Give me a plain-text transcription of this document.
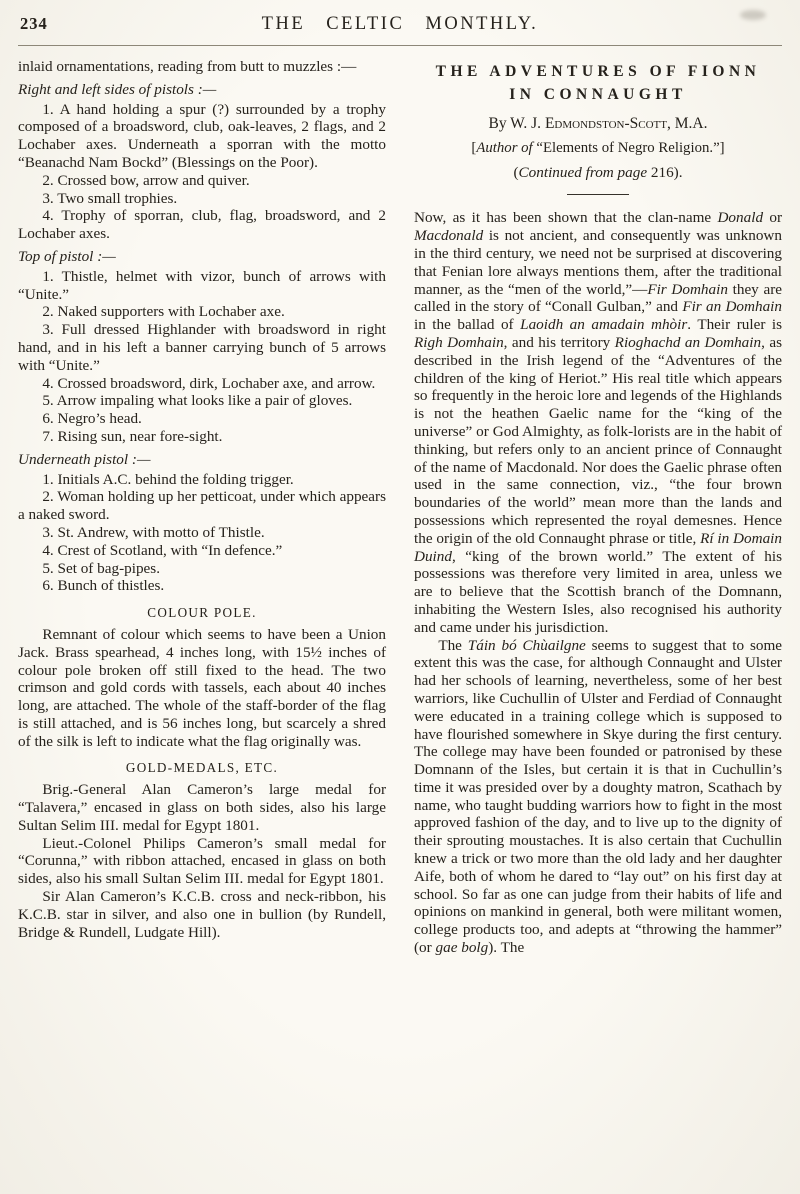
234	THE CELTIC MONTHLY.

inlaid ornamentations, reading from butt to muzzles :—

Right and left sides of pistols :—

1. A hand holding a spur (?) surrounded by a trophy composed of a broadsword, club, oak-leaves, 2 flags, and 2 Lochaber axes. Underneath a sporran with the motto “Beanachd Nam Bockd” (Blessings on the Poor).

2. Crossed bow, arrow and quiver.

3. Two small trophies.

4. Trophy of sporran, club, flag, broadsword, and 2 Lochaber axes.

Top of pistol :—

1. Thistle, helmet with vizor, bunch of arrows with “Unite.”

2. Naked supporters with Lochaber axe.

3. Full dressed Highlander with broadsword in right hand, and in his left a banner carrying bunch of 5 arrows with “Unite.”

4. Crossed broadsword, dirk, Lochaber axe, and arrow.

5. Arrow impaling what looks like a pair of gloves.

6. Negro’s head.

7. Rising sun, near fore-sight.

Underneath pistol :—

1. Initials A.C. behind the folding trigger.

2. Woman holding up her petticoat, under which appears a naked sword.

3. St. Andrew, with motto of Thistle.

4. Crest of Scotland, with “In defence.”

5. Set of bag-pipes.

6. Bunch of thistles.

COLOUR POLE.

Remnant of colour which seems to have been a Union Jack. Brass spearhead, 4 inches long, with 15½ inches of colour pole broken off still fixed to the head. The two crimson and gold cords with tassels, each about 40 inches long, are attached. The whole of the staff-border of the flag is still attached, and is 56 inches long, but scarcely a shred of the silk is left to indicate what the flag originally was.

GOLD-MEDALS, ETC.

Brig.-General Alan Cameron’s large medal for “Talavera,” encased in glass on both sides, also his large Sultan Selim III. medal for Egypt 1801.

Lieut.-Colonel Philips Cameron’s small medal for “Corunna,” with ribbon attached, encased in glass on both sides, also his small Sultan Selim III. medal for Egypt 1801.

Sir Alan Cameron’s K.C.B. cross and neck-ribbon, his K.C.B. star in silver, and also one in bullion (by Rundell, Bridge & Rundell, Ludgate Hill).

THE ADVENTURES OF FIONN
IN CONNAUGHT

By W. J. Edmondston-Scott, M.A.

[Author of “Elements of Negro Religion.”]

(Continued from page 216).

Now, as it has been shown that the clan-name Donald or Macdonald is not ancient, and consequently was unknown in the third century, we need not be surprised at discovering that Fenian lore always mentions them, after the traditional manner, as the “men of the world,”—Fir Domhain they are called in the story of “Conall Gulban,” and Fir an Domhain in the ballad of Laoidh an amadain mhòir. Their ruler is Righ Domhain, and his territory Rioghachd an Domhain, as described in the Irish legend of the “Adventures of the children of the king of Heriot.” His real title which appears so frequently in the heroic lore and legends of the Highlands is not the heathen Gaelic name for the “king of the universe” or God Almighty, as folk-lorists are in the habit of thinking, but refers only to an ancient prince of Connaught of the name of Macdonald. Nor does the Gaelic phrase often used in the same connection, viz., “the four brown boundaries of the world” mean more than the lands and possessions which represented the royal demesnes. Hence the origin of the old Connaught phrase or title, Rí in Domain Duind, “king of the brown world.” The extent of his possessions was therefore very limited in area, unless we are to believe that the Scottish branch of the Domnann, inhabiting the Western Isles, also recognised his authority and came under his jurisdiction.

The Táin bó Chùailgne seems to suggest that to some extent this was the case, for although Connaught and Ulster had her schools of learning, nevertheless, some of her best warriors, like Cuchullin of Ulster and Ferdiad of Connaught were educated in a training college which is supposed to have flourished somewhere in Skye during the first century. The college may have been founded or patronised by these Domnann of the Isles, but certain it is that in Cuchullin’s time it was presided over by a doughty matron, Scathach by name, who taught budding warriors how to fight in the most approved fashion of the day, and to live up to the dignity of their sprouting moustaches. It is also certain that Cuchullin knew a trick or two more than the old lady and her daughter Aife, both of whom he dared to “lay out” on his first day at school. So far as one can judge from their habits of life and opinions on mankind in general, both were militant women, college products too, and adepts at “throwing the hammer” (or gae bolg). The
